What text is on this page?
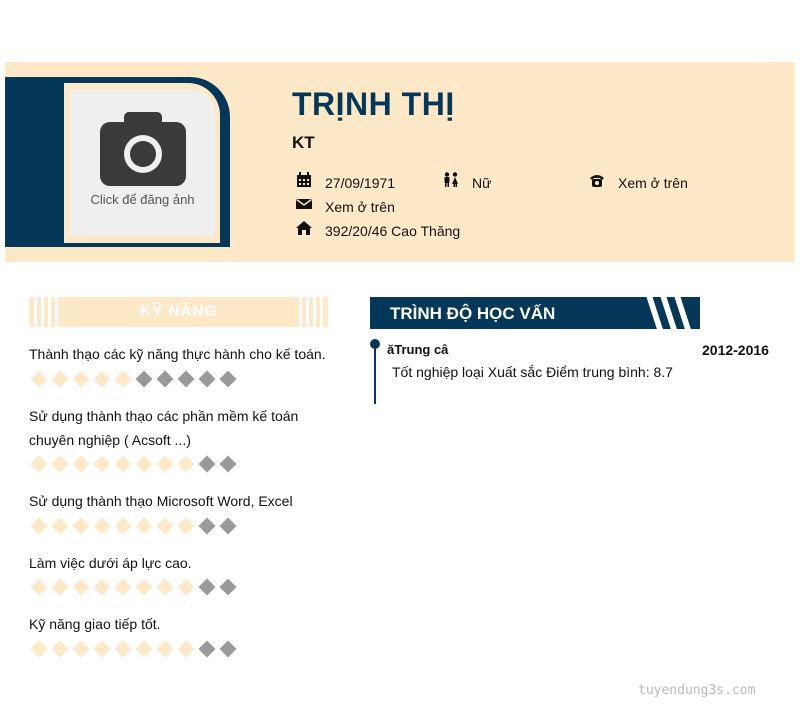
Click để đăng ảnh
TRỊNH THỊ
KT
27/09/1971	Nữ	Xem ở trên
Xem ở trên
392/20/46 Cao Thăng
KỸ NĂNG
Thành thạo các kỹ năng thực hành cho kế toán.
Sử dụng thành thạo các phần mềm kế toán chuyên nghiệp ( Acsoft ...)
Sử dụng thành thạo Microsoft Word, Excel
Làm việc dưới áp lực cao.
Kỹ năng giao tiếp tốt.
TRÌNH ĐỘ HỌC VẤN
ăTrung câ	2012-2016
Tốt nghiệp loại Xuất sắc Điểm trung bình: 8.7
tuyendung3s.com
